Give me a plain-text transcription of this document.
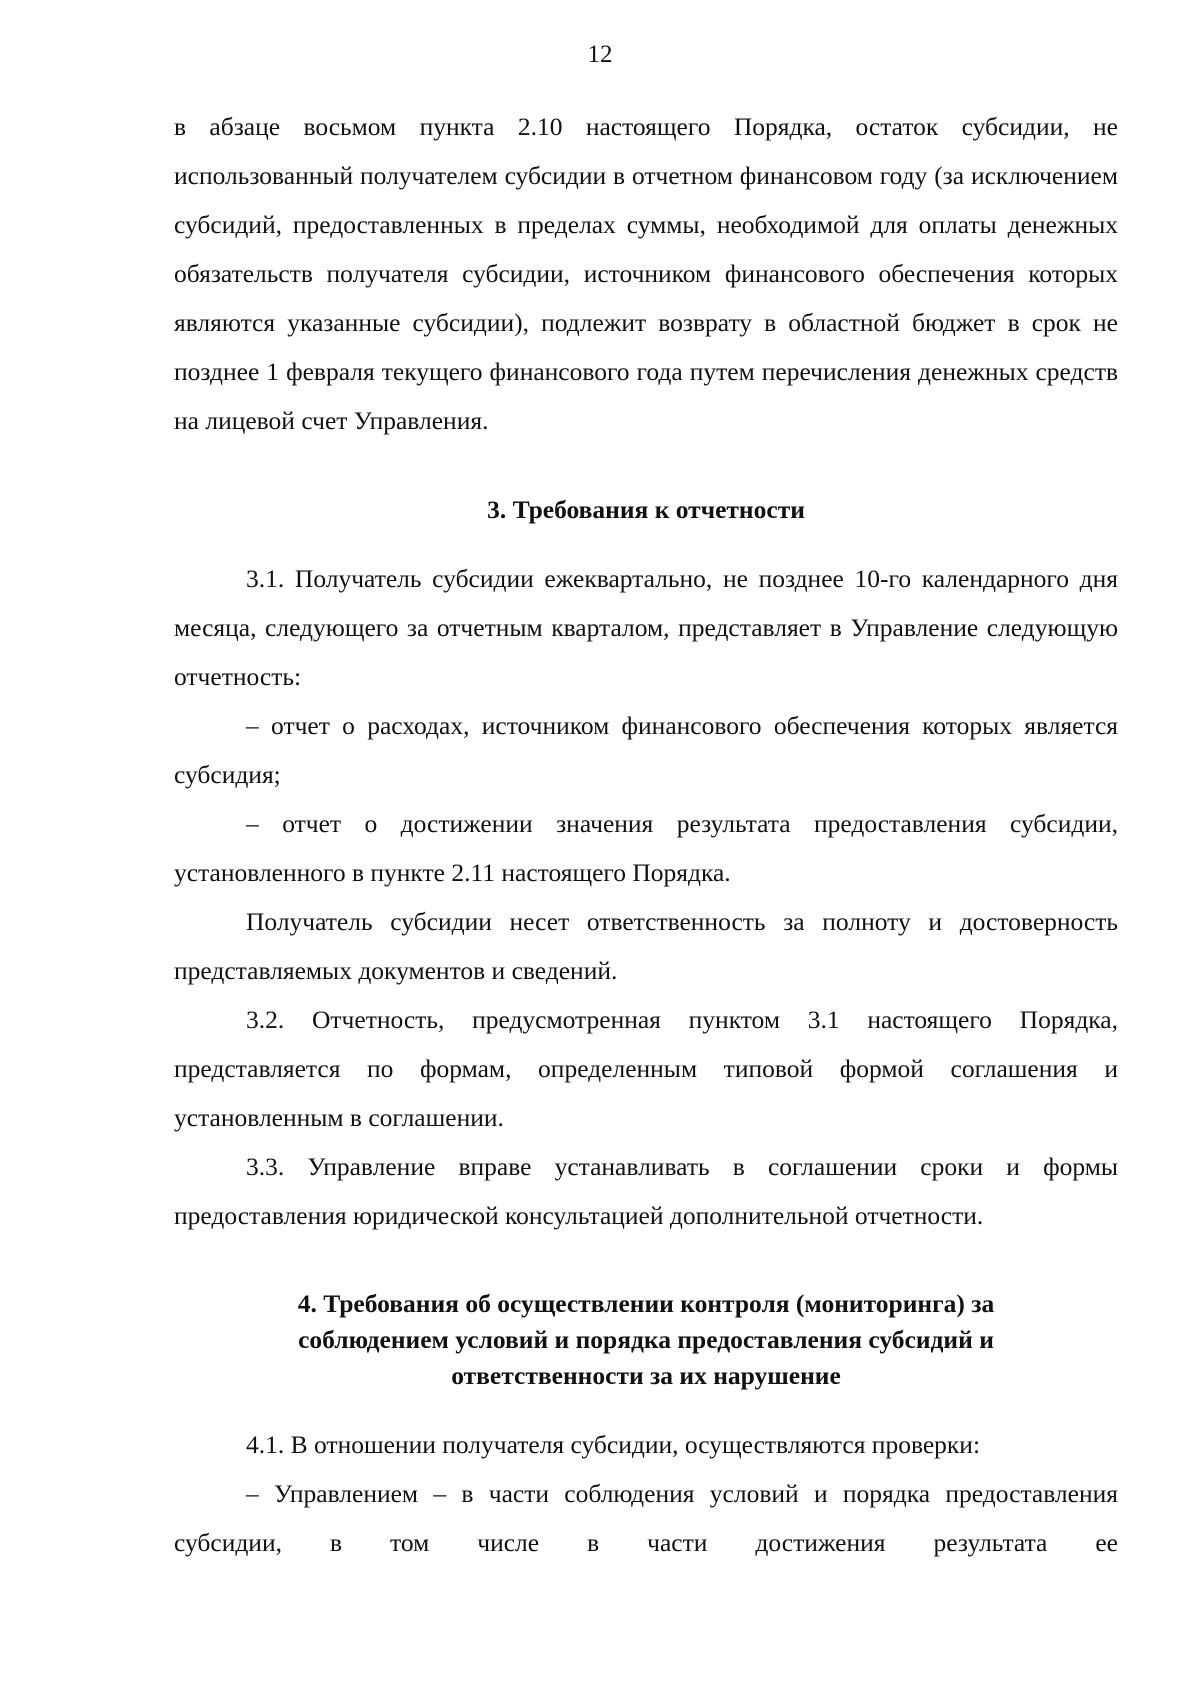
12

в абзаце восьмом пункта 2.10 настоящего Порядка, остаток субсидии, не использованный получателем субсидии в отчетном финансовом году (за исключением субсидий, предоставленных в пределах суммы, необходимой для оплаты денежных обязательств получателя субсидии, источником финансового обеспечения которых являются указанные субсидии), подлежит возврату в областной бюджет в срок не позднее 1 февраля текущего финансового года путем перечисления денежных средств на лицевой счет Управления.

3. Требования к отчетности

3.1. Получатель субсидии ежеквартально, не позднее 10-го календарного дня месяца, следующего за отчетным кварталом, представляет в Управление следующую отчетность:

– отчет о расходах, источником финансового обеспечения которых является субсидия;

– отчет о достижении значения результата предоставления субсидии, установленного в пункте 2.11 настоящего Порядка.

Получатель субсидии несет ответственность за полноту и достоверность представляемых документов и сведений.

3.2. Отчетность, предусмотренная пунктом 3.1 настоящего Порядка, представляется по формам, определенным типовой формой соглашения и установленным в соглашении.

3.3. Управление вправе устанавливать в соглашении сроки и формы предоставления юридической консультацией дополнительной отчетности.

4. Требования об осуществлении контроля (мониторинга) за
соблюдением условий и порядка предоставления субсидий и
ответственности за их нарушение

4.1. В отношении получателя субсидии, осуществляются проверки:

– Управлением – в части соблюдения условий и порядка предоставления субсидии, в том числе в части достижения результата ее
